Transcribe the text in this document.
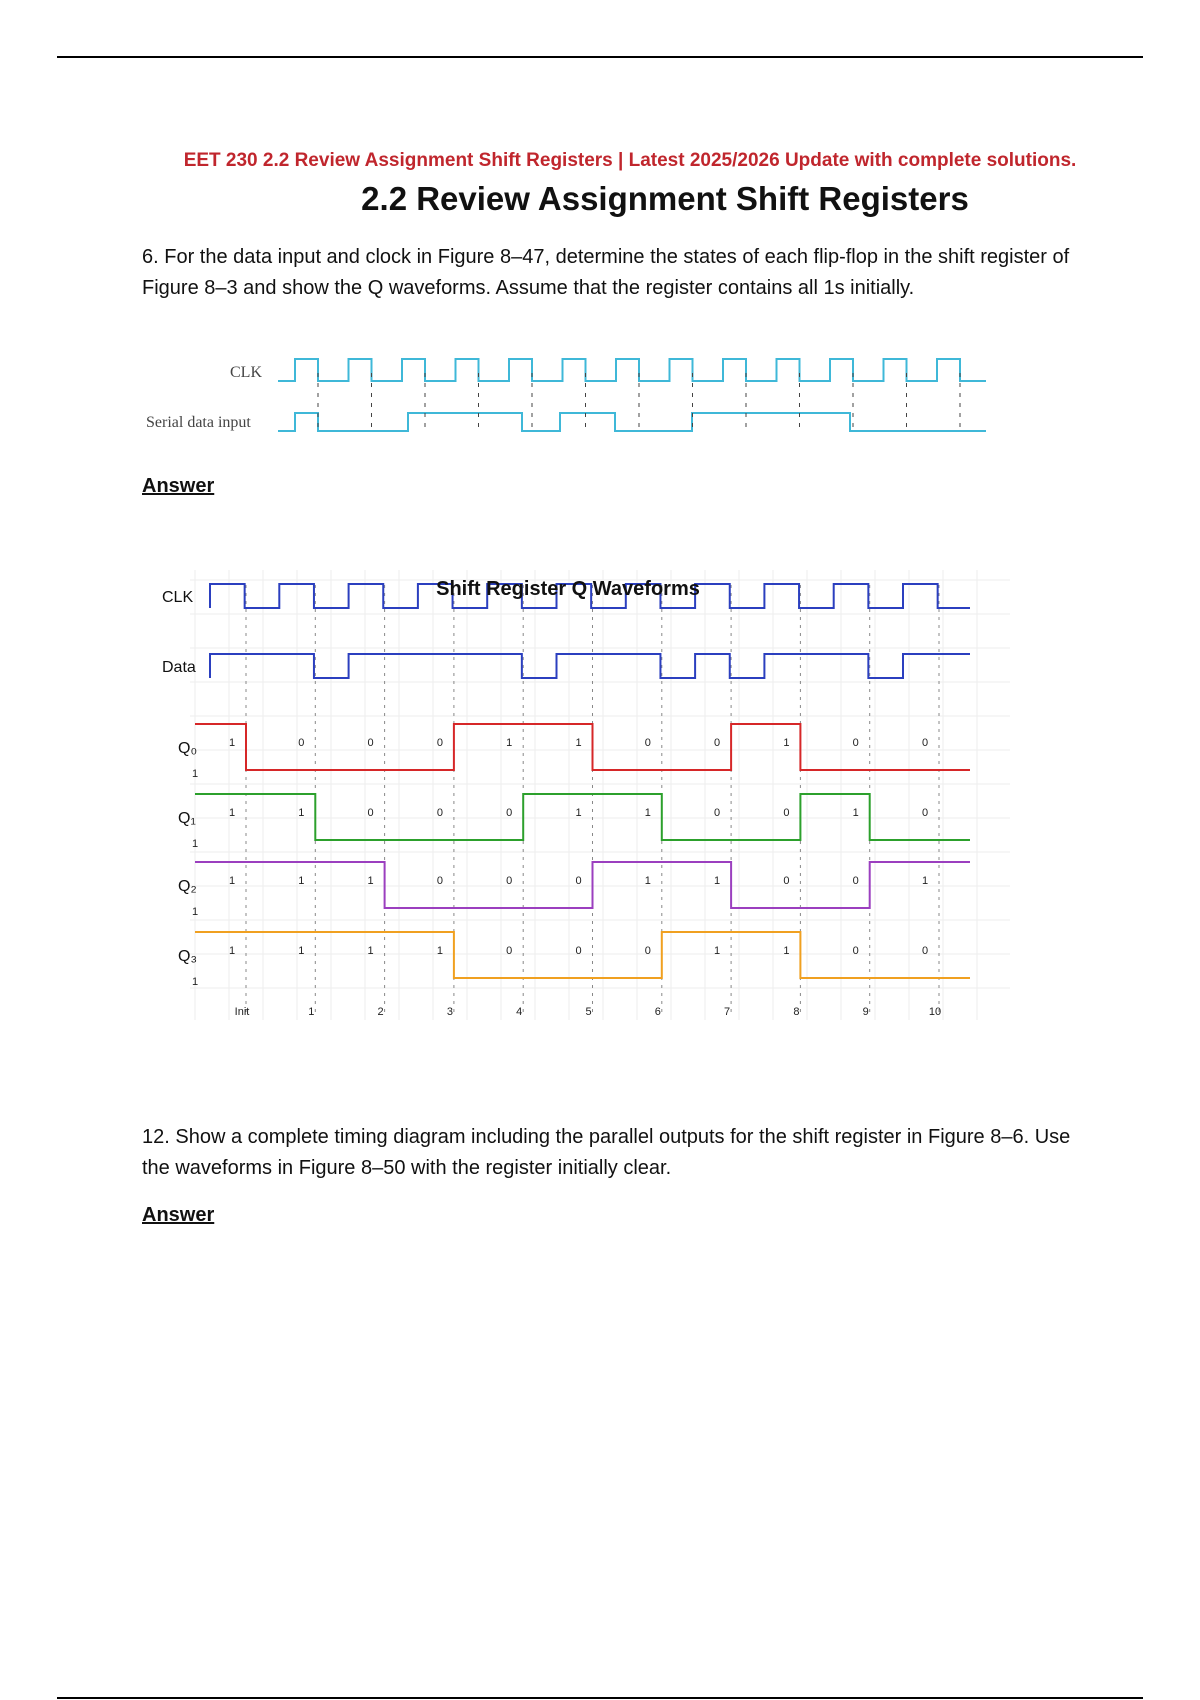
EET 230 2.2 Review Assignment Shift Registers | Latest 2025/2026 Update with complete solutions.
2.2 Review Assignment Shift Registers
6. For the data input and clock in Figure 8–47, determine the states of each flip-flop in the shift register of Figure 8–3 and show the Q waveforms. Assume that the register contains all 1s initially.
CLK
Serial data input
Answer
1	0	0	0	1	1	0	0	1	0	0
1
1	1	0	0	0	1	1	0	0	1	0
1
1	1	1	0	0	0	1	1	0	0	1
1
1	1	1	1	0	0	0	1	1	0	0
1
CLK
Data
Q₀
Q₁
Q₂
Q₃
Init	1	2	3	4	5	6	7	8	9	10
Shift Register Q Waveforms
12. Show a complete timing diagram including the parallel outputs for the shift register in Figure 8–6. Use the waveforms in Figure 8–50 with the register initially clear.
Answer
